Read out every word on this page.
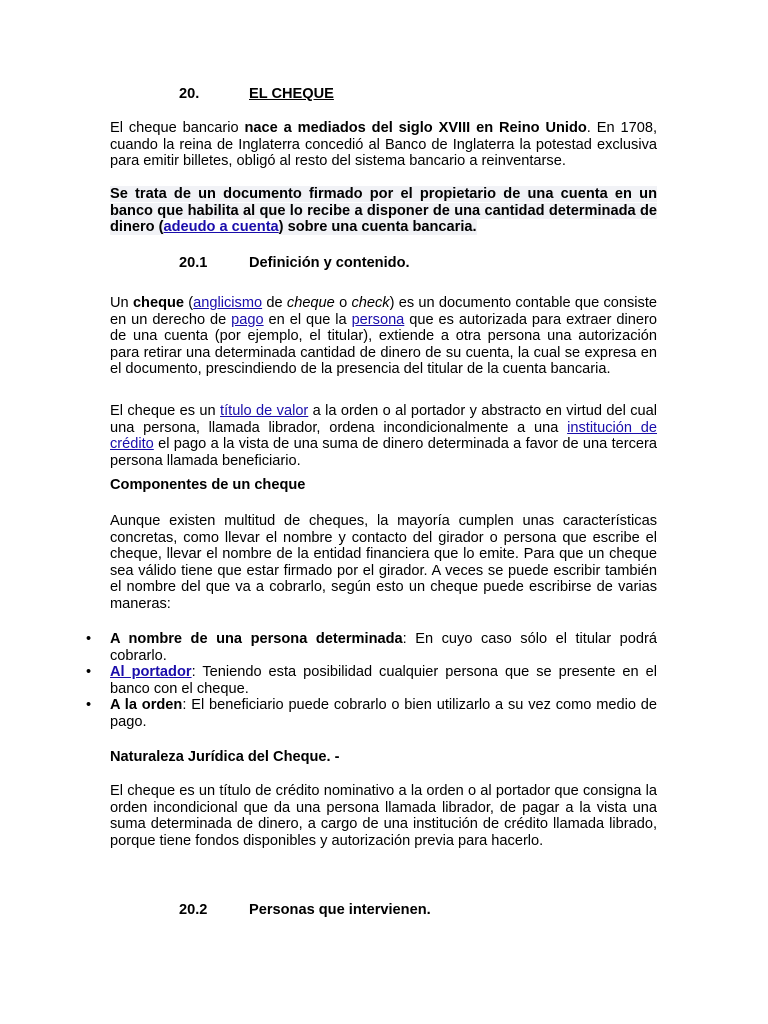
20.	EL CHEQUE
El cheque bancario nace a mediados del siglo XVIII en Reino Unido. En 1708, cuando la reina de Inglaterra concedió al Banco de Inglaterra la potestad exclusiva para emitir billetes, obligó al resto del sistema bancario a reinventarse.
Se trata de un documento firmado por el propietario de una cuenta en un banco que habilita al que lo recibe a disponer de una cantidad determinada de dinero (adeudo a cuenta) sobre una cuenta bancaria.
20.1	Definición y contenido.
Un cheque (anglicismo de cheque o check) es un documento contable que consiste en un derecho de pago en el que la persona que es autorizada para extraer dinero de una cuenta (por ejemplo, el titular), extiende a otra persona una autorización para retirar una determinada cantidad de dinero de su cuenta, la cual se expresa en el documento, prescindiendo de la presencia del titular de la cuenta bancaria.
El cheque es un título de valor a la orden o al portador y abstracto en virtud del cual una persona, llamada librador, ordena incondicionalmente a una institución de crédito el pago a la vista de una suma de dinero determinada a favor de una tercera persona llamada beneficiario.
Componentes de un cheque
Aunque existen multitud de cheques, la mayoría cumplen unas características concretas, como llevar el nombre y contacto del girador o persona que escribe el cheque, llevar el nombre de la entidad financiera que lo emite. Para que un cheque sea válido tiene que estar firmado por el girador. A veces se puede escribir también el nombre del que va a cobrarlo, según esto un cheque puede escribirse de varias maneras:
• A nombre de una persona determinada: En cuyo caso sólo el titular podrá cobrarlo.
• Al portador: Teniendo esta posibilidad cualquier persona que se presente en el banco con el cheque.
• A la orden: El beneficiario puede cobrarlo o bien utilizarlo a su vez como medio de pago.
Naturaleza Jurídica del Cheque. -
El cheque es un título de crédito nominativo a la orden o al portador que consigna la orden incondicional que da una persona llamada librador, de pagar a la vista una suma determinada de dinero, a cargo de una institución de crédito llamada librado, porque tiene fondos disponibles y autorización previa para hacerlo.
20.2	Personas que intervienen.
